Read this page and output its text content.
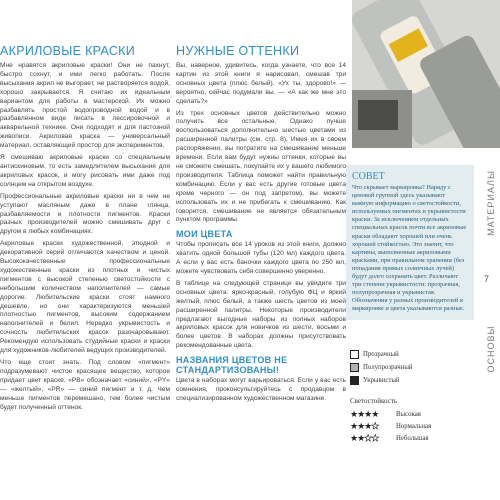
АКРИЛОВЫЕ КРАСКИ

Мне нравятся акриловые краски! Они не пахнут, быстро сохнут, и ими легко работать. После высыхания акрил не выгорает, не растворяется водой, хорошо закрывается. Я считаю их идеальным вариантом для работы в мастерской. Их можно разбавлять простой водопроводной водой и в разбавленном виде писать в лессировочной и акварельной технике. Они подходят и для пастозной живописи. Акриловая краска — универсальный материал, оставляющий простор для экспериментов.

Я смешиваю акриловые краски со специальным антискиновым, то есть замедлителем высыхания для акриловых красок, и могу рисовать ими даже под солнцем на открытом воздухе.

Профессиональные акриловые краски ни в чем не уступают масляным даже в плане глянца, разбавляемости и плотности пигментов. Краски разных производителей можно смешивать друг с другом в любых комбинациях.

Акриловые краски художественной, этюдной и декоративной серий отличаются качеством и ценой. Высококачественные профессиональные художественные краски из плотных и чистых пигментов с высокой степенью светостойкости с небольшим количеством наполнителей — самые дорогие. Любительские краски стоят намного дешевле, но они характеризуются меньшей плотностью пигментов, высоким содержанием наполнителей и белил. Нередко укрывистость и сочность любительских красок разочаровывают. Рекомендую использовать студийные краски и краски для художников-любителей ведущих производителей.

Что еще стоит знать. Под словом «пигмент» подразумевают чистое красящее вещество, которое придает цвет краске. «PB» обозначает «синий», «PY» — «желтый», «PR» — синий пигмент и т. д. Чем меньше пигментов перемешано, тем более чистым будет полученный оттенок.

НУЖНЫЕ ОТТЕНКИ

Вы, наверное, удивитесь, когда узнаете, что все 14 картин из этой книги я нарисовал, смешав три основных цвета (плюс белый). «Ух ты, здорово!» — вероятно, сейчас подумали вы. — «А как же мне это сделать?»

Из трех основных цветов действительно можно получить все остальные. Однако лучше воспользоваться дополнительно шестью цветами из расширенной палитры (см. стр. 8). Имея их в своем распоряжении, вы потратите на смешивание меньше времени. Если вам будут нужны оттенки, которые вы не сможете смешать, покупайте их у вашего любимого производителя. Таблица поможет найти правильную комбинацию. Если у вас есть другие готовые цвета кроме черного — он под запретом), вы можете использовать их и не прибегать к смешиванию. Как говорится, смешивание не является обязательным пунктом программы.

МОИ ЦВЕТА

Чтобы прописать все 14 уроков из этой книги, должно хватить одной большой тубы (120 мл) каждого цвета. А если у вас есть баночки каждого цвета по 250 мл, можете чувствовать себя совершенно уверенно.

В таблице на следующей странице вы увидите три основных цвета: ярко-красный, голубую ФЦ и яркий желтый, плюс белый, а также шесть цветов из моей расширенной палитры. Некоторые производители предлагают выгодные наборы из полных наборов акриловых красок для новичков из шести, восьми и более цветов. В наборах должны присутствовать рекомендованные цвета.

НАЗВАНИЯ ЦВЕТОВ НЕ СТАНДАРТИЗОВАНЫ!

Цвета в наборах могут варьироваться. Если у вас есть сомнения, проконсультируйтесь с продавцом в специализированном художественном магазине.

СОВЕТ

Что скрывает маркировка? Наряду с ценовой группой здесь указывают важную информацию о светостойкости, используемых пигментах и укрывистости краски. За исключением отдельных специальных красок почти все акриловые краски обладают хорошей или очень хорошей стойкостью. Это значит, что картины, выполненные акриловыми красками, при правильном хранении (без попадания прямых солнечных лучей) будут долго сохранять цвет. Различают три степени укрывистости: прозрачная, полупрозрачная и укрывистая. Обозначения у разных производителей в маркировке и цвета указываются разные.

Прозрачный
Полупрозрачный
Укрывистый
Светостойкость
★★★★	Высокая
★★★★	Нормальная
★★★★	Небольшая
МАТЕРИАЛЫ
7
ОСНОВЫ
